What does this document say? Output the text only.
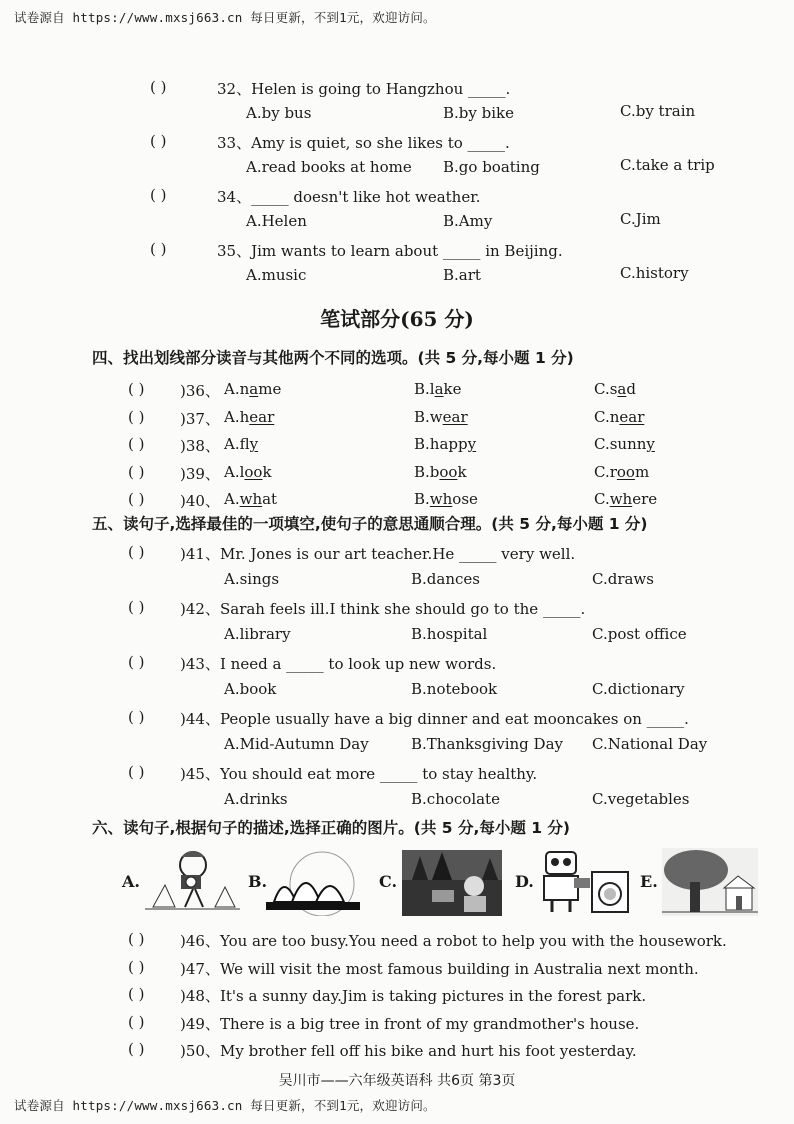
试卷源自 https://www.mxsj663.cn 每日更新，不到1元，欢迎访问。
( )	32、Helen is going to Hangzhou _____.
A.by bus	B.by bike	C.by train
( )	33、Amy is quiet, so she likes to _____.
A.read books at home B.go boating	C.take a trip
( )	34、_____ doesn't like hot weather.
A.Helen	B.Amy	C.Jim
( )	35、Jim wants to learn about _____ in Beijing.
A.music	B.art	C.history
笔试部分(65 分)
四、找出划线部分读音与其他两个不同的选项。(共 5 分,每小题 1 分)
( ) )36、 A.name	B.lake	C.sad
( ) )37、 A.hear	B.wear	C.near
( ) )38、 A.fly	B.happy	C.sunny
( ) )39、 A.look	B.book	C.room
( ) )40、 A.what	B.whose	C.where
五、读句子,选择最佳的一项填空,使句子的意思通顺合理。(共 5 分,每小题 1 分)
( ) )41、Mr. Jones is our art teacher.He _____ very well.
A.sings	B.dances	C.draws
( ) )42、Sarah feels ill.I think she should go to the _____.
A.library	B.hospital	C.post office
( ) )43、I need a _____ to look up new words.
A.book	B.notebook	C.dictionary
( ) )44、People usually have a big dinner and eat mooncakes on _____.
A.Mid-Autumn Day	B.Thanksgiving Day C.National Day
( ) )45、You should eat more _____ to stay healthy.
A.drinks	B.chocolate	C.vegetables
六、读句子,根据句子的描述,选择正确的图片。(共 5 分,每小题 1 分)
A.	B.	C.	D.	E.
( ) )46、You are too busy.You need a robot to help you with the housework.
( ) )47、We will visit the most famous building in Australia next month.
( ) )48、It's a sunny day.Jim is taking pictures in the forest park.
( ) )49、There is a big tree in front of my grandmother's house.
( ) )50、My brother fell off his bike and hurt his foot yesterday.
吴川市——六年级英语科 共6页 第3页
试卷源自 https://www.mxsj663.cn 每日更新，不到1元，欢迎访问。
